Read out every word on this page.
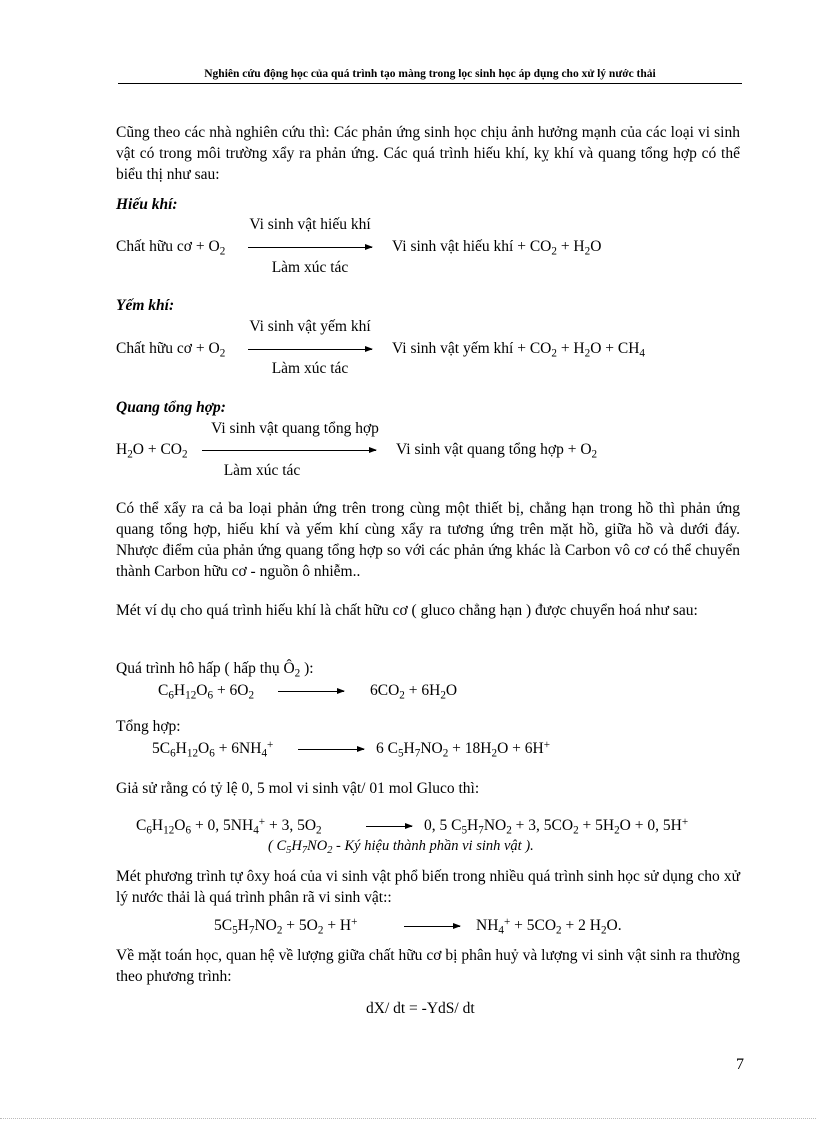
Nghiên cứu động học của quá trình tạo màng trong lọc sinh học áp dụng cho xử lý nước thải

Cũng theo các nhà nghiên cứu thì: Các phản ứng sinh học chịu ảnh hưởng mạnh của các loại vi sinh vật có trong môi trường xẩy ra phản ứng. Các quá trình hiếu khí, kỵ khí và quang tổng hợp có thể biểu thị như sau:

Hiếu khí:
Vi sinh vật hiếu khí
Chất hữu cơ + $O_2$	Vi sinh vật hiếu khí + $CO_2 + H_2O$
Làm xúc tác
Yếm khí:
Vi sinh vật yếm khí
Chất hữu cơ + $O_2$	Vi sinh vật yếm khí + $CO_2 + H_2O + CH_4$
Làm xúc tác
Quang tổng hợp:
Vi sinh vật quang tổng hợp
$H_2O + CO_2$	Vi sinh vật quang tổng hợp + $O_2$
Làm xúc tác

Có thể xẩy ra cả ba loại phản ứng trên trong cùng một thiết bị, chẳng hạn trong hồ thì phản ứng quang tổng hợp, hiếu khí và yếm khí cùng xẩy ra tương ứng trên mặt hồ, giữa hồ và dưới đáy. Nhược điểm của phản ứng quang tổng hợp so với các phản ứng khác là Carbon vô cơ có thể chuyển thành Carbon hữu cơ - nguồn ô nhiễm..

Mét ví dụ cho quá trình hiếu khí là chất hữu cơ ( gluco chẳng hạn ) được chuyển hoá như sau:

Quá trình hô hấp ( hấp thụ $Ô_2$ ):
$C_6H_{12}O_6 + 6O_2$	$6CO_2 + 6H_2O$
Tổng hợp:
$5C_6H_{12}O_6 + 6NH_4^+$	6 $C_5H_7NO_2 + 18H_2O + 6H^+$
Giả sử rằng có tỷ lệ 0, 5 mol vi sinh vật/ 01 mol Gluco thì:
$C_6H_{12}O_6 + 0$, $5NH_4^+ + 3$, $5O_2$	0, 5 $C_5H_7NO_2 + 3$, $5CO_2 + 5H_2O + 0$, 5H+
( $C_5H_7NO_2$ - Ký hiệu thành phần vi sinh vật ).

Mét phương trình tự ôxy hoá của vi sinh vật phổ biến trong nhiều quá trình sinh học sử dụng cho xử lý nước thải là quá trình phân rã vi sinh vật::

$5C_5H_7NO_2 + 5O_2 + H^+$	$NH_4^+ + 5CO_2 + 2$ $H_2O$.

Về mặt toán học, quan hệ về lượng giữa chất hữu cơ bị phân huỷ và lượng vi sinh vật sinh ra thường theo phương trình:

dX/ dt = -YdS/ dt
7
